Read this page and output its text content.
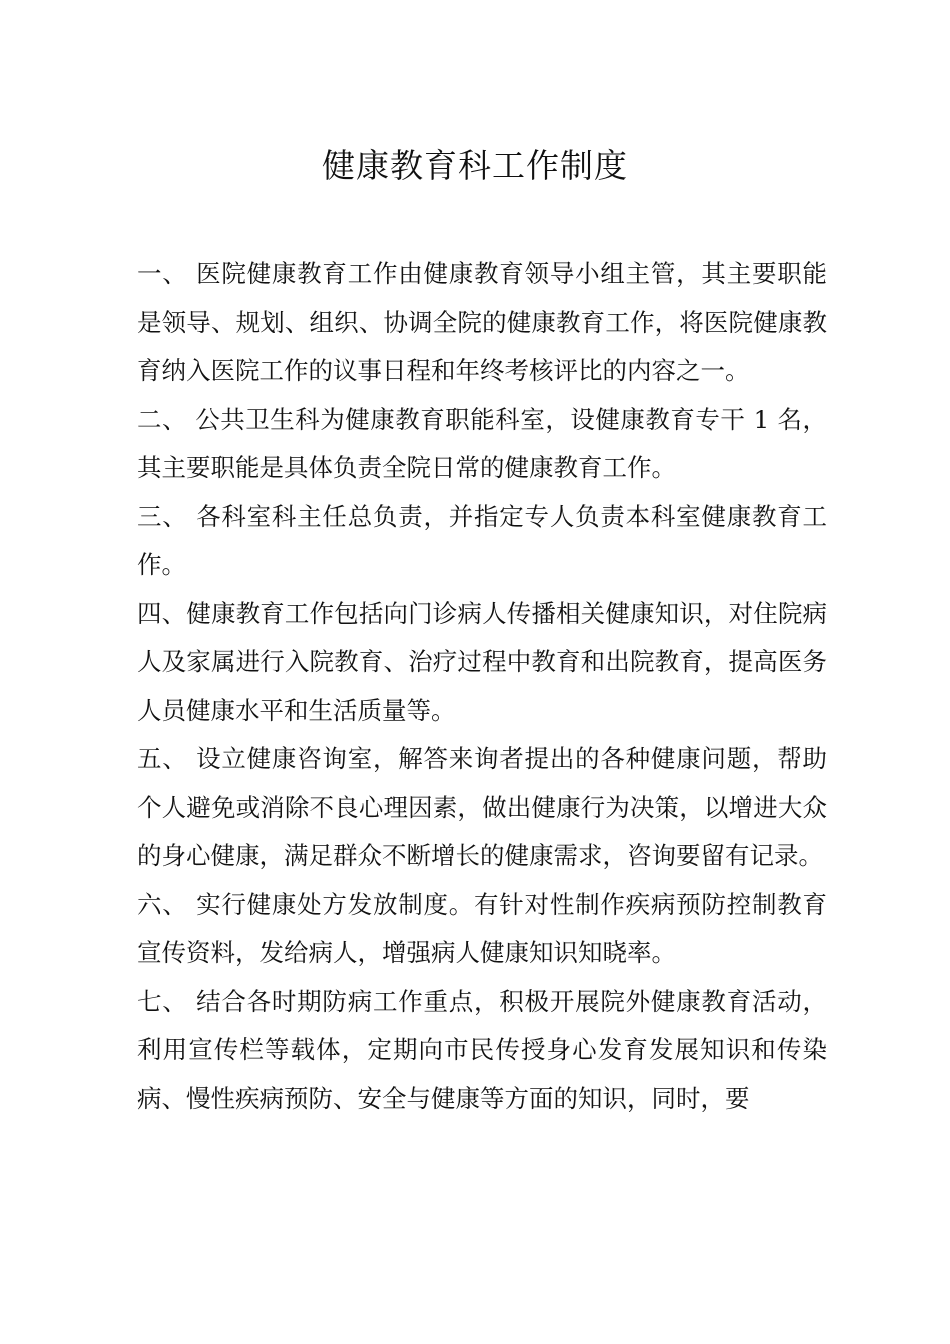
健康教育科工作制度

一、 医院健康教育工作由健康教育领导小组主管，其主要职能是领导、规划、组织、协调全院的健康教育工作，将医院健康教育纳入医院工作的议事日程和年终考核评比的内容之一。

二、 公共卫生科为健康教育职能科室，设健康教育专干 1 名，其主要职能是具体负责全院日常的健康教育工作。

三、 各科室科主任总负责，并指定专人负责本科室健康教育工作。

四、健康教育工作包括向门诊病人传播相关健康知识，对住院病人及家属进行入院教育、治疗过程中教育和出院教育，提高医务人员健康水平和生活质量等。

五、 设立健康咨询室，解答来询者提出的各种健康问题，帮助个人避免或消除不良心理因素，做出健康行为决策，以增进大众的身心健康，满足群众不断增长的健康需求，咨询要留有记录。

六、 实行健康处方发放制度。有针对性制作疾病预防控制教育宣传资料，发给病人，增强病人健康知识知晓率。

七、 结合各时期防病工作重点，积极开展院外健康教育活动，利用宣传栏等载体，定期向市民传授身心发育发展知识和传染病、慢性疾病预防、安全与健康等方面的知识，同时，要
